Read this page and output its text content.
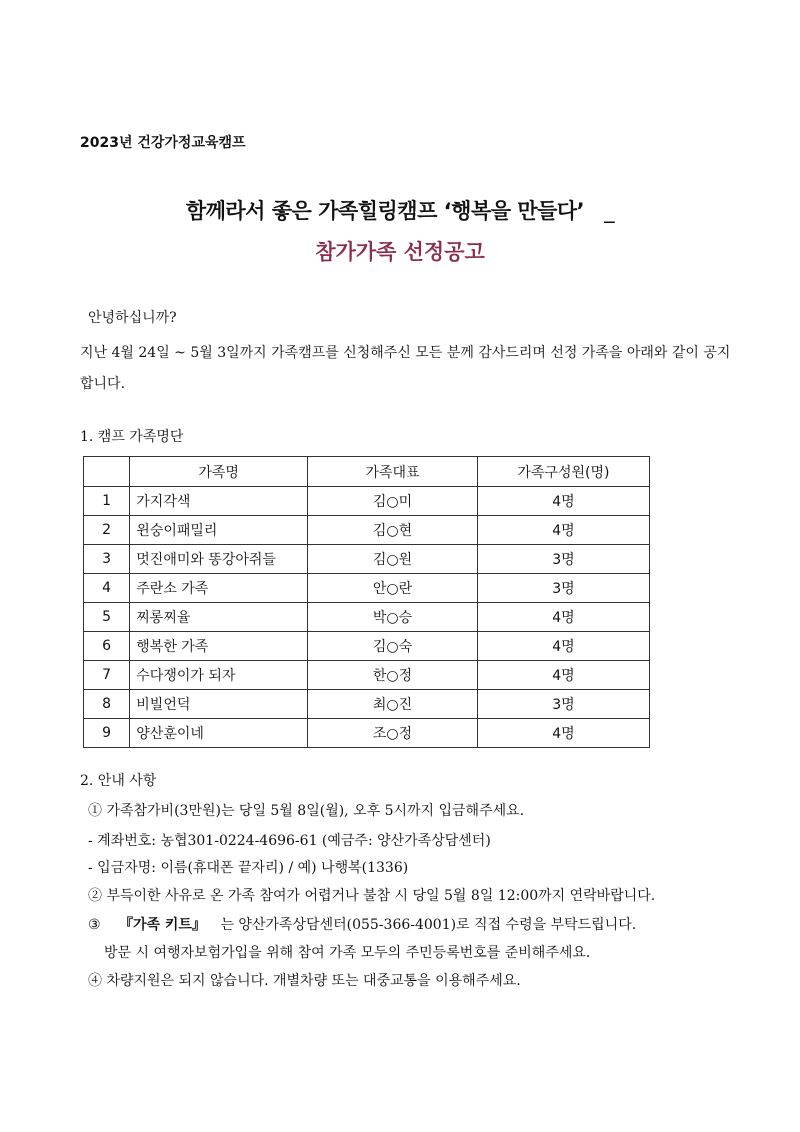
2023년 건강가정교육캠프
함께라서 좋은 가족힐링캠프 ‘행복을 만들다’ _
참가가족 선정공고
안녕하십니까?
지난 4월 24일 ~ 5월 3일까지 가족캠프를 신청해주신 모든 분께 감사드리며 선정 가족을 아래와 같이 공지합니다.
1. 캠프 가족명단
	가족명	가족대표	가족구성원(명)
1	가지각색	김○미	4명
2	윈숭이패밀리	김○현	4명
3	멋진애미와 똥강아쥐들	김○원	3명
4	주란소 가족	안○란	3명
5	찌롱찌율	박○승	4명
6	행복한 가족	김○숙	4명
7	수다쟁이가 되자	한○정	4명
8	비빌언덕	최○진	3명
9	양산훈이네	조○정	4명
2. 안내 사항
① 가족참가비(3만원)는 당일 5월 8일(월), 오후 5시까지 입금해주세요.
- 계좌번호: 농협301-0224-4696-61 (예금주: 양산가족상담센터)
- 입금자명: 이름(휴대폰 끝자리) / 예) 나행복(1336)
② 부득이한 사유로 온 가족 참여가 어렵거나 불참 시 당일 5월 8일 12:00까지 연락바랍니다.
③ 『가족 키트』 는 양산가족상담센터(055-366-4001)로 직접 수령을 부탁드립니다.
방문 시 여행자보험가입을 위해 참여 가족 모두의 주민등록번호를 준비해주세요.
④ 차량지원은 되지 않습니다. 개별차량 또는 대중교통을 이용해주세요.
